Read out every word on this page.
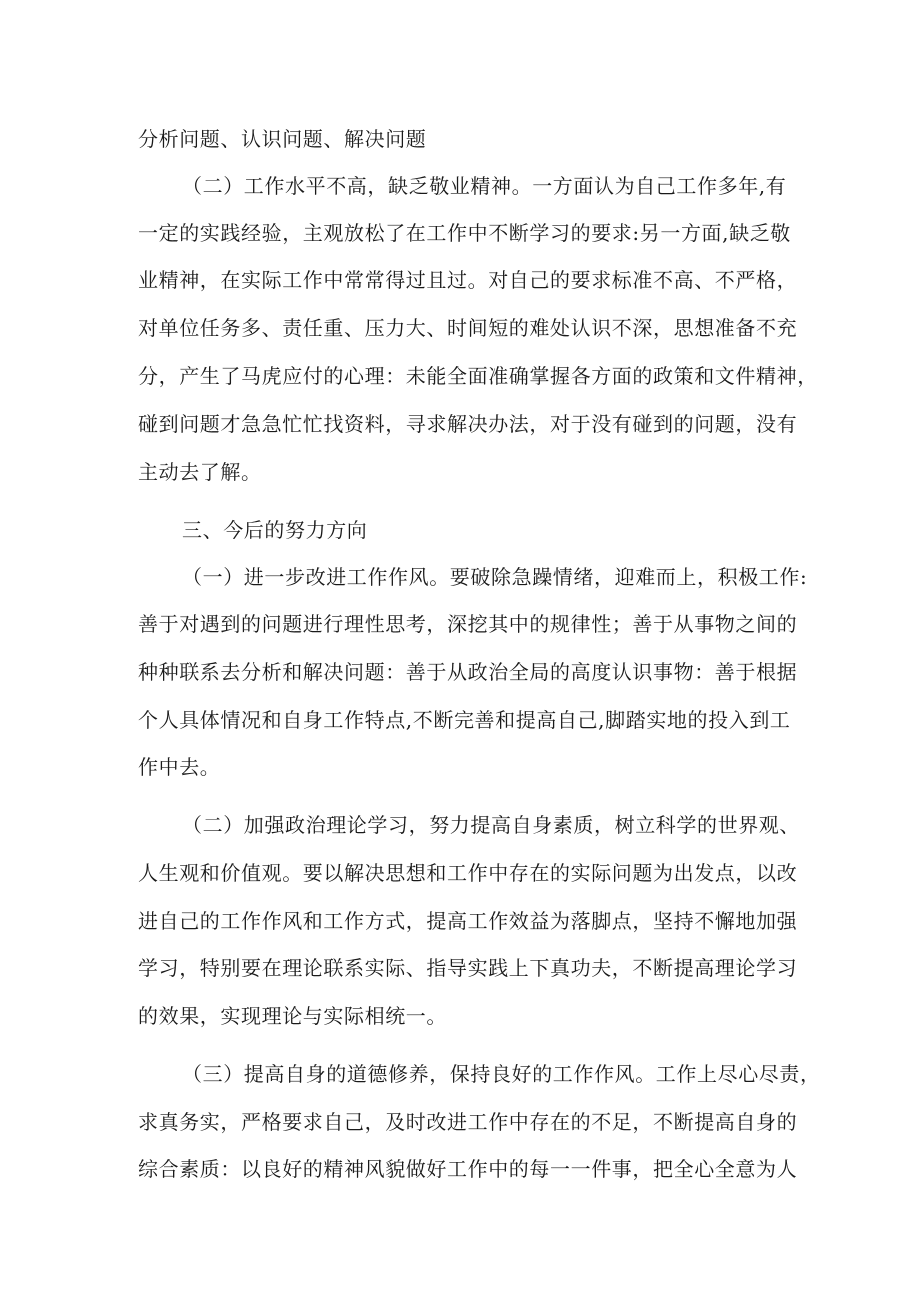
分析问题、认识问题、解决问题
（二）工作水平不高，缺乏敬业精神。一方面认为自己工作多年,有
一定的实践经验，主观放松了在工作中不断学习的要求:另一方面,缺乏敬
业精神，在实际工作中常常得过且过。对自己的要求标准不高、不严格，
对单位任务多、责任重、压力大、时间短的难处认识不深，思想准备不充
分，产生了马虎应付的心理：未能全面准确掌握各方面的政策和文件精神，
碰到问题才急急忙忙找资料，寻求解决办法，对于没有碰到的问题，没有
主动去了解。
三、今后的努力方向
（一）进一步改进工作作风。要破除急躁情绪，迎难而上，积极工作:
善于对遇到的问题进行理性思考，深挖其中的规律性；善于从事物之间的
种种联系去分析和解决问题：善于从政治全局的高度认识事物：善于根据
个人具体情况和自身工作特点,不断完善和提高自己,脚踏实地的投入到工
作中去。
（二）加强政治理论学习，努力提高自身素质，树立科学的世界观、
人生观和价值观。要以解决思想和工作中存在的实际问题为出发点，以改
进自己的工作作风和工作方式，提高工作效益为落脚点，坚持不懈地加强
学习，特别要在理论联系实际、指导实践上下真功夫，不断提高理论学习
的效果，实现理论与实际相统一。
（三）提高自身的道德修养，保持良好的工作作风。工作上尽心尽责，
求真务实，严格要求自己，及时改进工作中存在的不足，不断提高自身的
综合素质：以良好的精神风貌做好工作中的每一一件事，把全心全意为人
